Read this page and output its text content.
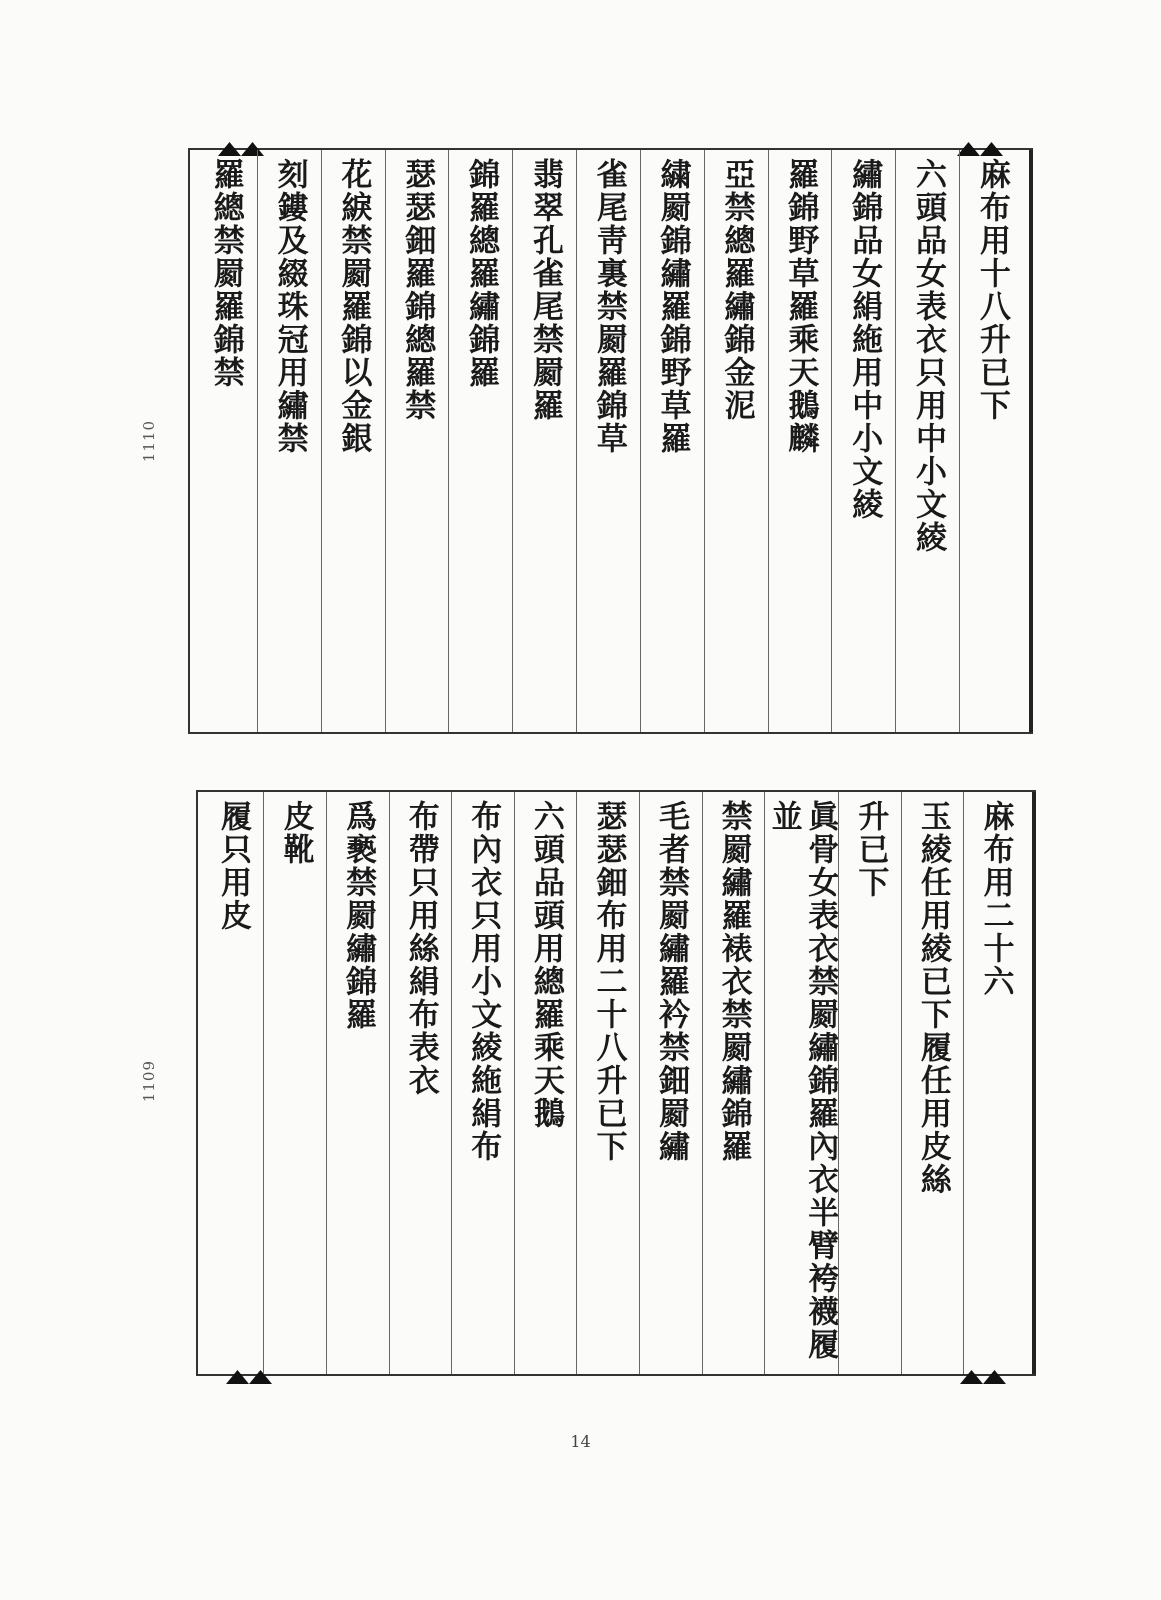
1110
麻布用十八升已下
六頭品女表衣只用中小文綾
繡錦品女絹絁用中小文綾
羅錦野草羅乘天鵝麟
亞禁總羅繡錦金泥
繍罽錦繡羅錦野草羅
雀尾靑裏禁罽羅錦草
翡翠孔雀尾禁罽羅
錦羅總羅繡錦羅
瑟瑟鈿羅錦總羅禁
花綟禁罽羅錦以金銀
刻鏤及綴珠冠用繡禁
羅總禁罽羅錦禁
1109
麻布用二十六
玉綾任用綾已下履任用皮絲
升已下
眞骨女表衣禁罽繡錦羅內衣半臂袴襪履並
禁罽繡羅裱衣禁罽繡錦羅
毛者禁罽繡羅衿禁鈿罽繡
瑟瑟鈿布用二十八升已下
六頭品頭用總羅乘天鵝
布內衣只用小文綾絁絹布
布帶只用絲絹布表衣
爲褻禁罽繡錦羅
皮靴
履只用皮
14
